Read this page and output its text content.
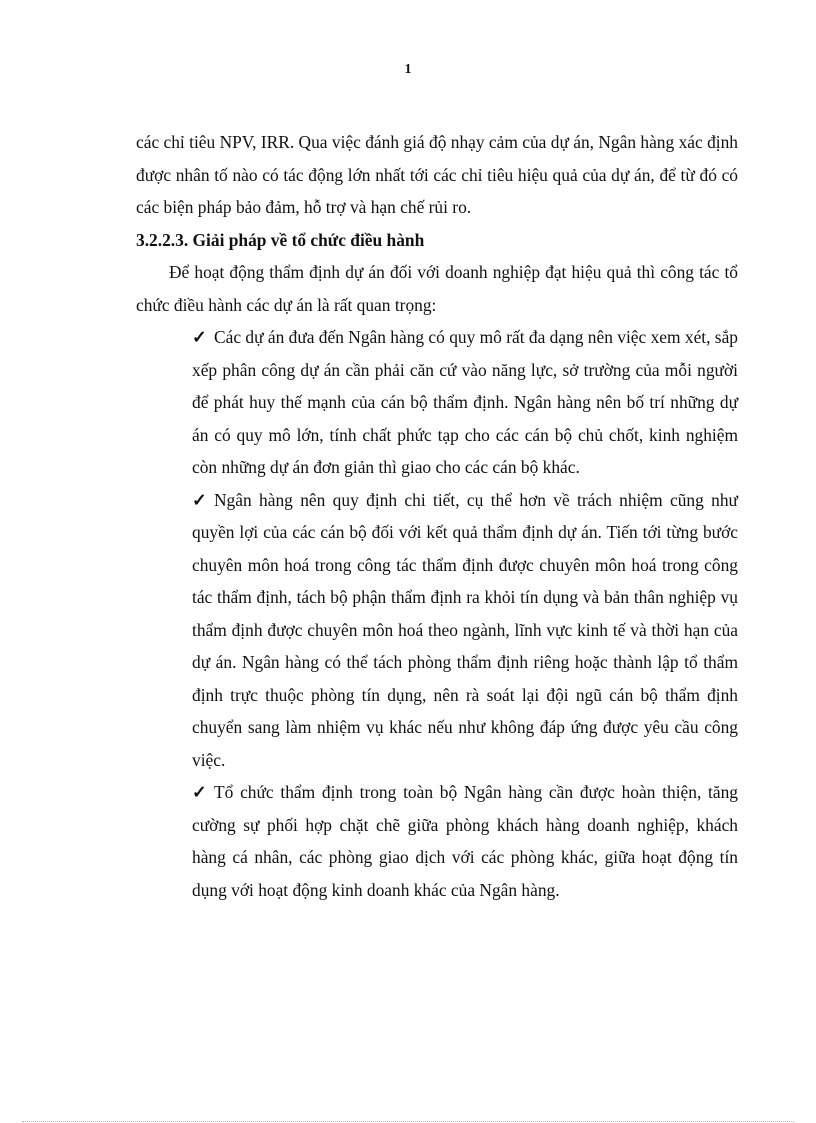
1

các chỉ tiêu NPV, IRR. Qua việc đánh giá độ nhạy cảm của dự án, Ngân hàng xác định được nhân tố nào có tác động lớn nhất tới các chỉ tiêu hiệu quả của dự án, để từ đó có các biện pháp bảo đảm, hỗ trợ và hạn chế rủi ro.

3.2.2.3. Giải pháp về tổ chức điều hành

Để hoạt động thẩm định dự án đối với doanh nghiệp đạt hiệu quả thì công tác tổ chức điều hành các dự án là rất quan trọng:

✓ Các dự án đưa đến Ngân hàng có quy mô rất đa dạng nên việc xem xét, sắp xếp phân công dự án cần phải căn cứ vào năng lực, sở trường của mỗi người để phát huy thế mạnh của cán bộ thẩm định. Ngân hàng nên bố trí những dự án có quy mô lớn, tính chất phức tạp cho các cán bộ chủ chốt, kinh nghiệm còn những dự án đơn giản thì giao cho các cán bộ khác.

✓ Ngân hàng nên quy định chi tiết, cụ thể hơn về trách nhiệm cũng như quyền lợi của các cán bộ đối với kết quả thẩm định dự án. Tiến tới từng bước chuyên môn hoá trong công tác thẩm định được chuyên môn hoá trong công tác thẩm định, tách bộ phận thẩm định ra khỏi tín dụng và bản thân nghiệp vụ thẩm định được chuyên môn hoá theo ngành, lĩnh vực kinh tế và thời hạn của dự án. Ngân hàng có thể tách phòng thẩm định riêng hoặc thành lập tổ thẩm định trực thuộc phòng tín dụng, nên rà soát lại đội ngũ cán bộ thẩm định chuyển sang làm nhiệm vụ khác nếu như không đáp ứng được yêu cầu công việc.

✓ Tổ chức thẩm định trong toàn bộ Ngân hàng cần được hoàn thiện, tăng cường sự phối hợp chặt chẽ giữa phòng khách hàng doanh nghiệp, khách hàng cá nhân, các phòng giao dịch với các phòng khác, giữa hoạt động tín dụng với hoạt động kinh doanh khác của Ngân hàng.
